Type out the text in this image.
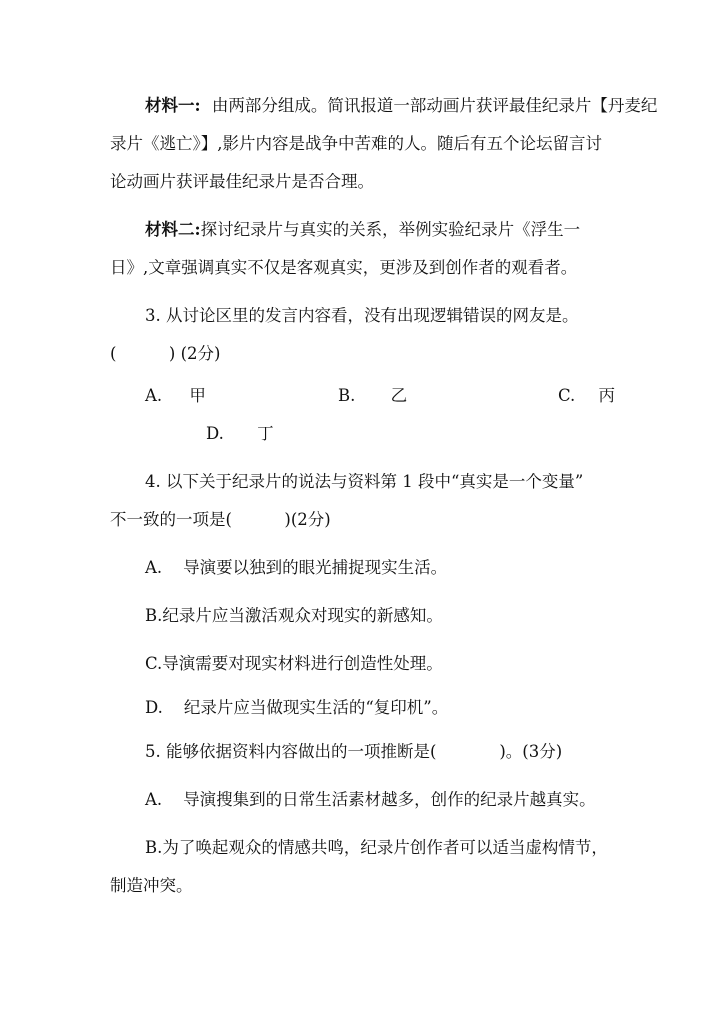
材料一: 由两部分组成。简讯报道一部动画片获评最佳纪录片【丹麦纪
录片《逃亡》】,影片内容是战争中苦难的人。随后有五个论坛留言讨
论动画片获评最佳纪录片是否合理。
材料二:探讨纪录片与真实的关系，举例实验纪录片《浮生一
日》,文章强调真实不仅是客观真实，更涉及到创作者的观看者。
3. 从讨论区里的发言内容看，没有出现逻辑错误的网友是。
(          ) (2分)
A. 甲	B. 乙	C. 丙
D. 丁
4. 以下关于纪录片的说法与资料第 1 段中“真实是一个变量”
不一致的一项是(          )(2分)
A.    导演要以独到的眼光捕捉现实生活。
B.纪录片应当激活观众对现实的新感知。
C.导演需要对现实材料进行创造性处理。
D.    纪录片应当做现实生活的“复印机”。
5. 能够依据资料内容做出的一项推断是(            )。(3分)
A.    导演搜集到的日常生活素材越多，创作的纪录片越真实。
B.为了唤起观众的情感共鸣，纪录片创作者可以适当虚构情节，
制造冲突。
